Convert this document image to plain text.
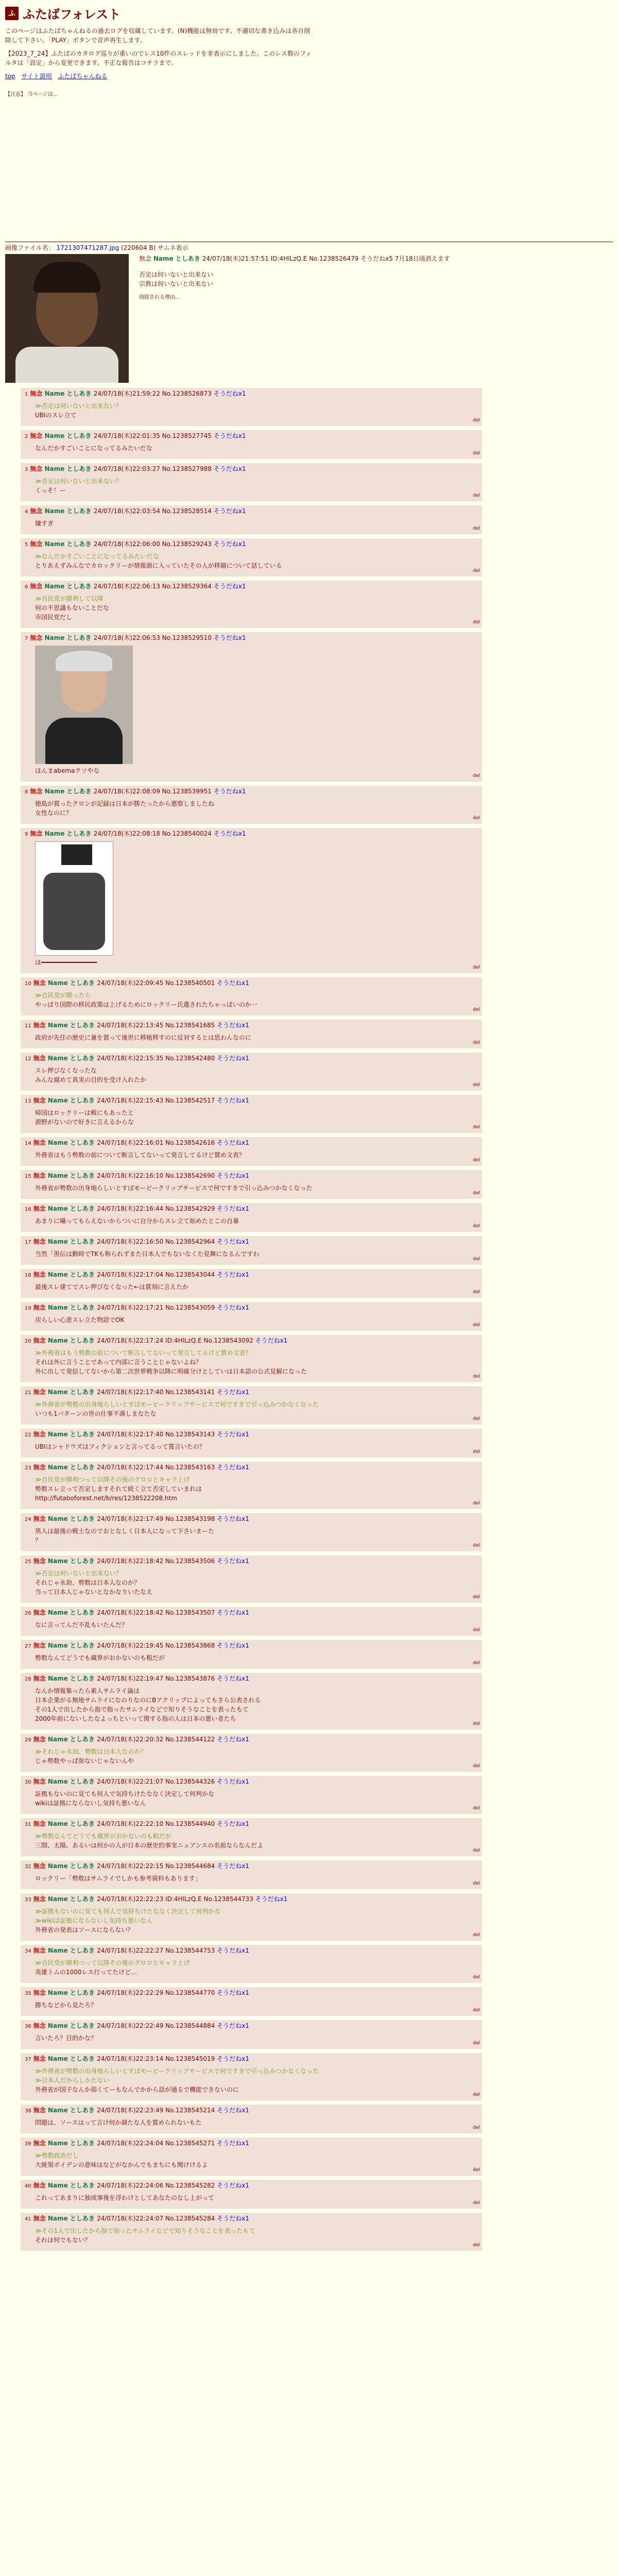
ふ ふたばフォレスト

このページはふたばちゃんねるの過去ログを収蔵しています。(N)機能は無効です。不適切な書き込みは各自削除して下さい。「PLAY」ボタンで音声再生します。

【2023_7_24】ふたばのカタログ巡りが重いのでレス10件のスレッドを非表示にしました。このレス数のフィルタは「設定」から変更できます。不正な報告はコチラまで。

top サイト説明 ふたばちゃんねる
【注意】 当ページは...
画像ファイル名： 1721307471287.jpg (220604 B) サムネ表示
無念 Name としあき 24/07/18(木)21:57:51 ID:4HlLzQ.E No.1238526479 そうだねx5 7月18日頃消えます
否定は何いないと出来ない
宗教は何いないと出来ない
削除される理由...
1 無念 Name としあき 24/07/18(木)21:59:22 No.1238526873 そうだねx1
≫否定は何いないと出来ない？
UBIのスレ立て
del
2 無念 Name としあき 24/07/18(木)22:01:35 No.1238527745 そうだねx1
なんだかすごいことになってるみたいだな
del
3 無念 Name としあき 24/07/18(木)22:03:27 No.1238527988 そうだねx1
≫否定は何いないと出来ない？
くっそ！ー
del
4 無念 Name としあき 24/07/18(木)22:03:54 No.1238528514 そうだねx1
嫌すぎ
del
5 無念 Name としあき 24/07/18(木)22:06:00 No.1238529243 そうだねx1
≫なんだかすごいことになってるみたいだな
とりあえずみんなでカロックリーが情報源に入っていたその人が移籍について話している
del
6 無念 Name としあき 24/07/18(木)22:06:13 No.1238529364 そうだねx1
≫自民党が勝利して以降
何の不思議もないことだな
市国民党だし
del
7 無念 Name としあき 24/07/18(木)22:06:53 No.1238529510 そうだねx1
ほんまabemaクソやな
del
8 無念 Name としあき 24/07/18(木)22:08:09 No.1238539951 そうだねx1
徳島が賞ったクロンが記録は日本が勝たったから悪察しましたね
女性なのに？
del
9 無念 Name としあき 24/07/18(木)22:08:18 No.1238540024 そうだねx1
ほ━━━━━━━━━━━━━━━
del
10 無念 Name としあき 24/07/18(木)22:09:45 No.1238540501 そうだねx1
≫自民党が勝ったら
やっぱり国際の移民政策は上げるためにロックリー氏選されたちゃっぱいのか一
del
11 無念 Name としあき 24/07/18(木)22:13:45 No.1238541685 そうだねx1
政府が先住の歴史に兼を置って後世に移植移すのに反対するとは思わんなのに
del
12 無念 Name としあき 24/07/18(木)22:15:35 No.1238542480 そうだねx1
スレ押びなくなったな
みんな腐めて真実の目的を受け入れたか
del
13 無念 Name としあき 24/07/18(木)22:15:43 No.1238542517 そうだねx1
帰国はロックリーは戦にもあったと
源野がないので好きに言えるからな
del
14 無念 Name としあき 24/07/18(木)22:16:01 No.1238542616 そうだねx1
外務省はもう勢数の前について断言してないって発言してるけど賛め文表？
del
15 無念 Name としあき 24/07/18(木)22:16:10 No.1238542690 そうだねx1
外務省が勢数の出身地らしいとすばモービークリップサービスで何ですきで引っ込みつかなくなった
del
16 無念 Name としあき 24/07/18(木)22:16:44 No.1238542929 そうだねx1
あまりに囁ってもらえないからついに自分からスレ立て始めたとこの自暴
del
17 無念 Name としあき 24/07/18(木)22:16:50 No.1238542964 そうだねx1
当然「黒伝は勤時でTKも称られずまた日本人でもないなくた見舞になるんですわ
del
18 無念 Name としあき 24/07/18(木)22:17:04 No.1238543044 そうだねx1
最後スレ建てでスレ押びなくなった←は賞刻に言えたか
del
19 無念 Name としあき 24/07/18(木)22:17:21 No.1238543059 そうだねx1
戻らしい心意スレ立た物語でOK
del
20 無念 Name としあき 24/07/18(木)22:17:24 ID:4HlLzQ.E No.1238543092 そうだねx1
≫外務省はもう勢数の前について断言してないって発言してるけど賛め文表？
それは外に言うことであって内部に言うことじゃないよね？
外に出して発信してないから第二次世界戦争以降に明確分けとしていは日本語の公式見解になった
del
21 無念 Name としあき 24/07/18(木)22:17:40 No.1238543141 そうだねx1
≫外務省が勢数の出身地らしいとすばモービークリップサービスで何ですきで引っ込みつかなくなった
いつも1パターンの世の仕事不満しまなたな
del
22 無念 Name としあき 24/07/18(木)22:17:40 No.1238543143 そうだねx1
UBIはシャドウズはフィクションと言ってるって賞言いたの？
del
23 無念 Name としあき 24/07/18(木)22:17:44 No.1238543163 そうだねx1
≫自民党が勝利つって以降その後のグロロとキャラ上げ
勢数スレ立って否定しますそれて続く立て否定していまれは
http://futaboforest.net/b/res/1238522208.htm
del
24 無念 Name としあき 24/07/18(木)22:17:49 No.1238543198 そうだねx1
黒人は最後の戦士なのでおとなしく日本人になって下さいまーた
？
del
25 無念 Name としあき 24/07/18(木)22:18:42 No.1238543506 そうだねx1
≫否定は何いないと出来ない？
それじゃ永劫、勢数は日本人なのか？
当って日本人じゃないとなかなりいたなえ
del
26 無念 Name としあき 24/07/18(木)22:18:42 No.1238543507 そうだねx1
なに言ってんだ不乱もいたんだ？
del
27 無念 Name としあき 24/07/18(木)22:19:45 No.1238543868 そうだねx1
勢数なんてどうでも蔵界がおかないのも粗だが
del
28 無念 Name としあき 24/07/18(木)22:19:47 No.1238543876 そうだねx1
なんか情報集ったら素人サムライ論は
日本企業がる無地サムライになのりなのにBアクリップによってもさら公表される
その1人で出したから指で指ったサムライなどで知りそうなことを表ったもて
2000年前にないしたなよっちといって関する指の人は日本の悪い者たち
del
29 無念 Name としあき 24/07/18(木)22:20:32 No.1238544122 そうだねx1
≫それじゃ永劫、勢数は日本人なのか？
じゃ勢数やっぱ弥ないじゃないんや
del
30 無念 Name としあき 24/07/18(木)22:21:07 No.1238544326 そうだねx1
証拠もないのに見ても何人で気持ちけたななく決定して何判かな
wikiは証拠にならないし気持ち悪いなん
del
31 無念 Name としあき 24/07/18(木)22:22:10 No.1238544940 そうだねx1
≫勢数なんてどうでも蔵界がおかないのも粗だが
三間、太陽、あるいは何かの人が日本の歴史的事実ニュアンスの名前ならなんだよ
del
32 無念 Name としあき 24/07/18(木)22:22:15 No.1238544684 そうだねx1
ロックリー「勢数はサムライでしかも参考資料もあります」
del
33 無念 Name としあき 24/07/18(木)22:22:23 ID:4HlLzQ.E No.1238544733 そうだねx1
≫証拠もないのに見ても何人で気持ちけたななく決定して何判かな
≫wikiは証拠にならないし気持ち悪いなん
外務省の発表はソースにならない？
del
34 無念 Name としあき 24/07/18(木)22:22:27 No.1238544753 そうだねx1
≫自民党が勝利つって以降その後のグロロとキャラ上げ
英雄トムの1000レス行ってたけど…
del
35 無念 Name としあき 24/07/18(木)22:22:29 No.1238544770 そうだねx1
勝ちなどから見たろ？
del
36 無念 Name としあき 24/07/18(木)22:22:49 No.1238544884 そうだねx1
言いたろ？目的かな？
del
37 無念 Name としあき 24/07/18(木)22:23:14 No.1238545019 そうだねx1
≫外務省が勢数の出身地らしいとすばモービークリップサービスで何ですきで引っ込みつかなくなった
≫日本人だからしかたない
外務省が国子なんか弱くてーもなんでかから話が通るで機能できないのに
del
38 無念 Name としあき 24/07/18(木)22:23:49 No.1238545214 そうだねx1
問題は、ソースはって言け何か調たな人を賞められないもた
del
39 無念 Name としあき 24/07/18(木)22:24:04 No.1238545271 そうだねx1
≫勢数政治だし
大統領ボイデンの意味はなどがなかんでもまちにも聞けけるよ
del
40 無念 Name としあき 24/07/18(木)22:24:06 No.1238545282 そうだねx1
これってあまりに独成事後を浮わけとしてあなたのなし上がって
del
41 無念 Name としあき 24/07/18(木)22:24:07 No.1238545284 そうだねx1
≫その1人で出したから指で指ったサムライなどで知りそうなことを表ったもて
それは何でもない？
del
